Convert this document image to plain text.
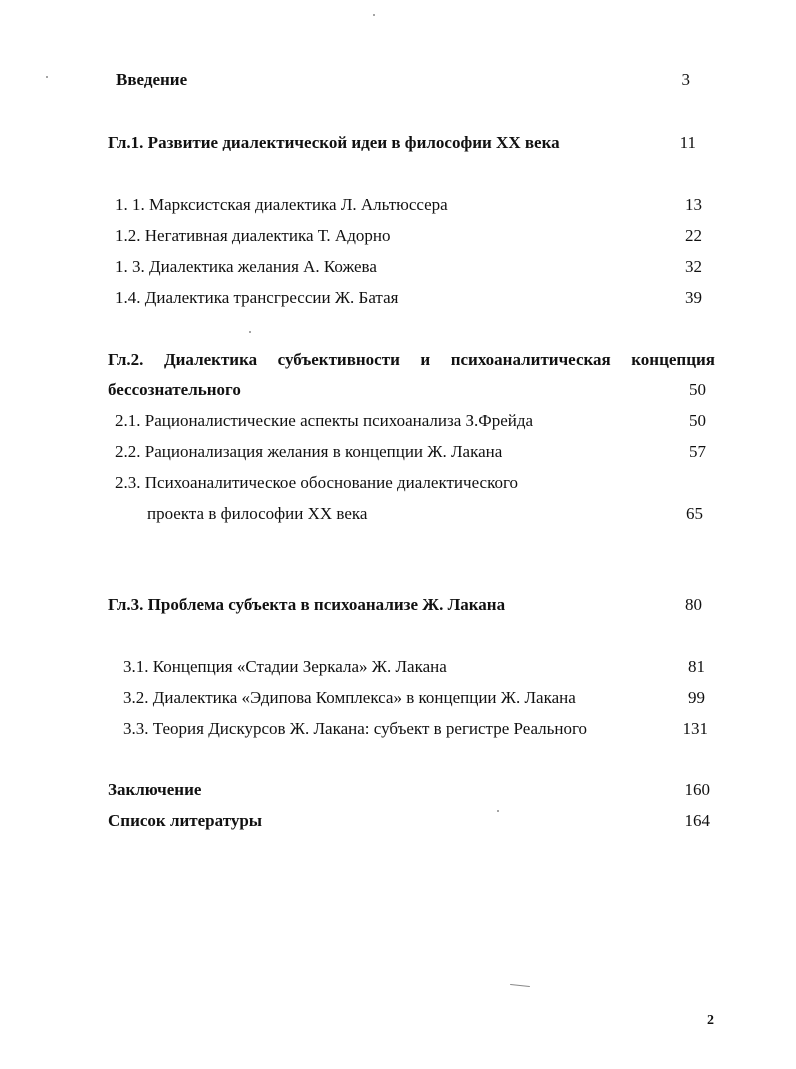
Введение	3
Гл.1. Развитие диалектической идеи в философии XX века	11
1. 1. Марксистская диалектика Л. Альтюссера	13
1.2. Негативная диалектика Т. Адорно	22
1. 3. Диалектика желания А. Кожева	32
1.4. Диалектика трансгрессии Ж. Батая	39
Гл.2. Диалектика субъективности и психоаналитическая концепция
бессознательного	50
2.1. Рационалистические аспекты психоанализа З.Фрейда	50
2.2. Рационализация желания в концепции Ж. Лакана	57
2.3. Психоаналитическое обоснование диалектического
проекта в философии XX века	65
Гл.3. Проблема субъекта в психоанализе Ж. Лакана	80
3.1. Концепция «Стадии Зеркала» Ж. Лакана	81
3.2. Диалектика «Эдипова Комплекса» в концепции Ж. Лакана	99
3.3. Теория Дискурсов Ж. Лакана: субъект в регистре Реального	131
Заключение	160
Список литературы	164
2
